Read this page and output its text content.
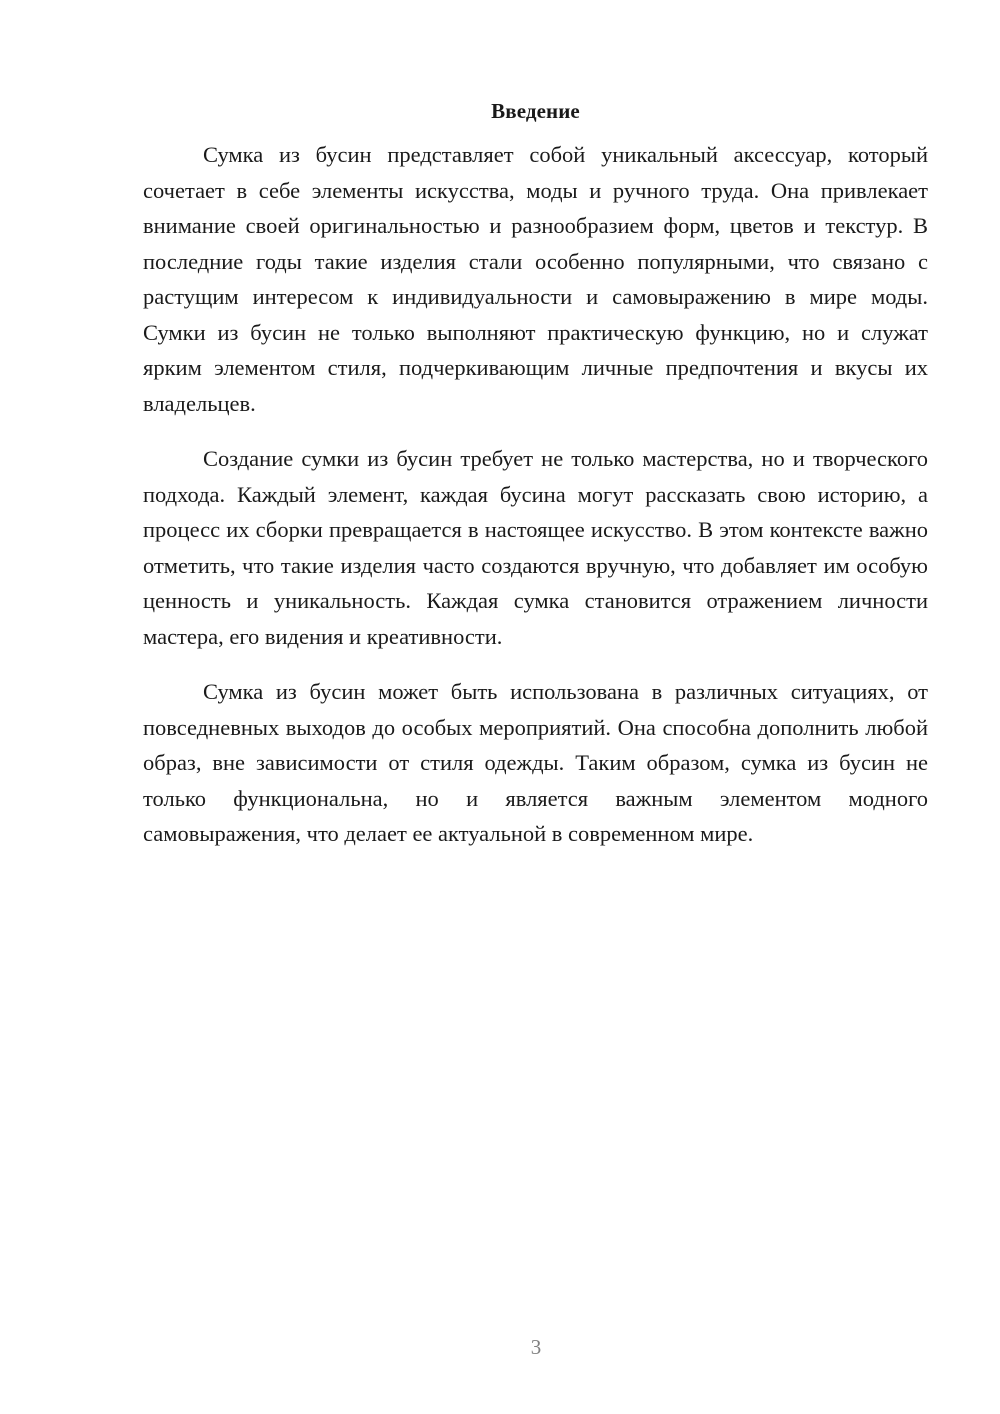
Введение

Сумка из бусин представляет собой уникальный аксессуар, который сочетает в себе элементы искусства, моды и ручного труда. Она привлекает внимание своей оригинальностью и разнообразием форм, цветов и текстур. В последние годы такие изделия стали особенно популярными, что связано с растущим интересом к индивидуальности и самовыражению в мире моды. Сумки из бусин не только выполняют практическую функцию, но и служат ярким элементом стиля, подчеркивающим личные предпочтения и вкусы их владельцев.

Создание сумки из бусин требует не только мастерства, но и творческого подхода. Каждый элемент, каждая бусина могут рассказать свою историю, а процесс их сборки превращается в настоящее искусство. В этом контексте важно отметить, что такие изделия часто создаются вручную, что добавляет им особую ценность и уникальность. Каждая сумка становится отражением личности мастера, его видения и креативности.

Сумка из бусин может быть использована в различных ситуациях, от повседневных выходов до особых мероприятий. Она способна дополнить любой образ, вне зависимости от стиля одежды. Таким образом, сумка из бусин не только функциональна, но и является важным элементом модного самовыражения, что делает ее актуальной в современном мире.

3
